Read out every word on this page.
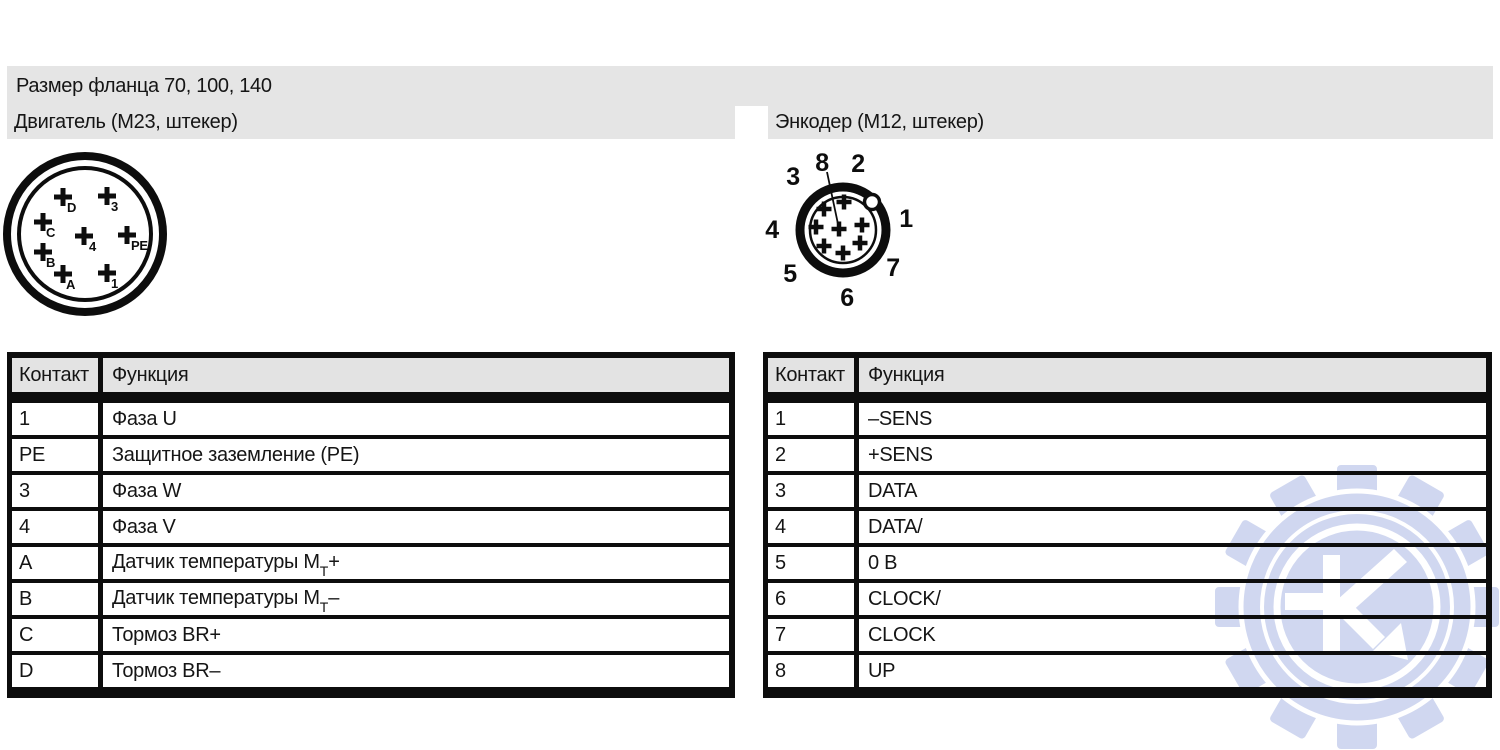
Размер фланца 70, 100, 140
Двигатель (М23, штекер)	Энкодер (М12, штекер)
D	3
C
4	PE
B
A	1
3 8 2
4	1
5	7
6
Контакт	Функция
1	Фаза U
PE	Защитное заземление (PE)
3	Фаза W
4	Фаза V
A	Датчик температуры $M_T+$
B	Датчик температуры $M_T-$
C	Тормоз BR+
D	Тормоз BR–
Контакт	Функция
1	–SENS
2	+SENS
3	DATA
4	DATA/
5	0 В
6	CLOCK/
7	CLOCK
8	UP
